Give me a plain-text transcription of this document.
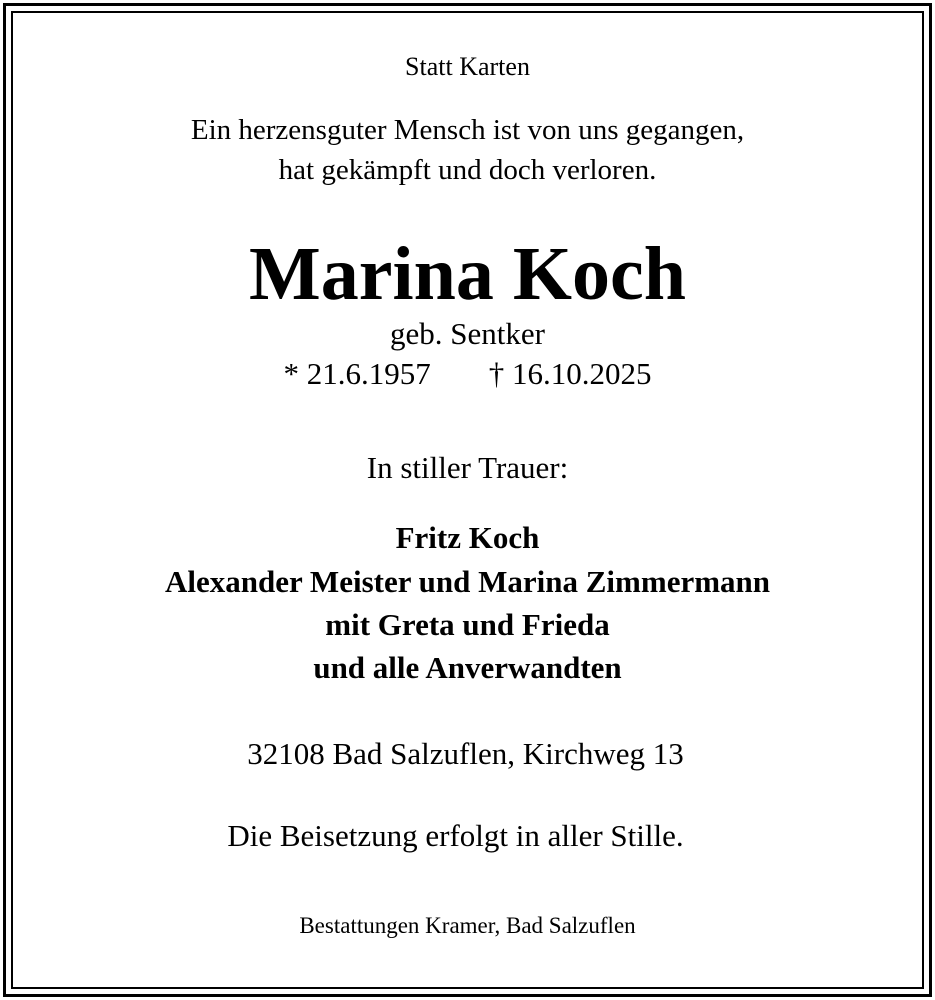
Statt Karten
Ein herzensguter Mensch ist von uns gegangen,
hat gekämpft und doch verloren.
Marina Koch
geb. Sentker
* 21.6.1957 † 16.10.2025
In stiller Trauer:
Fritz Koch
Alexander Meister und Marina Zimmermann
mit Greta und Frieda
und alle Anverwandten
32108 Bad Salzuflen, Kirchweg 13
Die Beisetzung erfolgt in aller Stille.
Bestattungen Kramer, Bad Salzuflen
